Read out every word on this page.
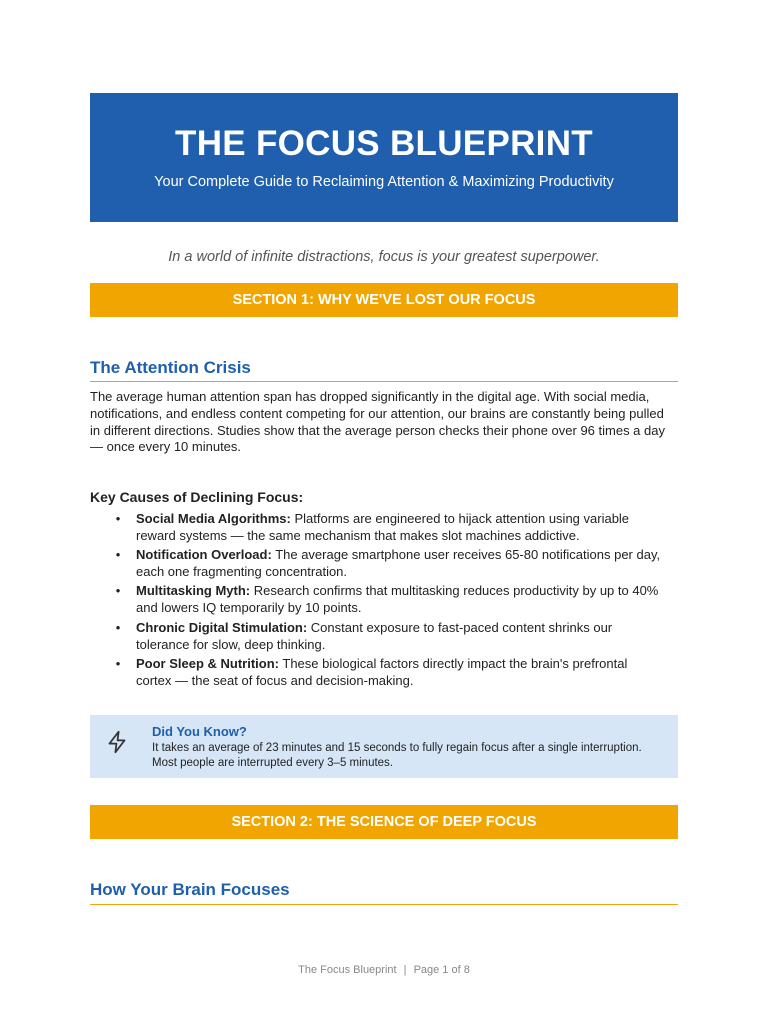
THE FOCUS BLUEPRINT
Your Complete Guide to Reclaiming Attention & Maximizing Productivity
In a world of infinite distractions, focus is your greatest superpower.
SECTION 1: WHY WE'VE LOST OUR FOCUS
The Attention Crisis
The average human attention span has dropped significantly in the digital age. With social media, notifications, and endless content competing for our attention, our brains are constantly being pulled in different directions. Studies show that the average person checks their phone over 96 times a day — once every 10 minutes.
Key Causes of Declining Focus:
• Social Media Algorithms: Platforms are engineered to hijack attention using variable reward systems — the same mechanism that makes slot machines addictive.
• Notification Overload: The average smartphone user receives 65-80 notifications per day, each one fragmenting concentration.
• Multitasking Myth: Research confirms that multitasking reduces productivity by up to 40% and lowers IQ temporarily by 10 points.
• Chronic Digital Stimulation: Constant exposure to fast-paced content shrinks our tolerance for slow, deep thinking.
• Poor Sleep & Nutrition: These biological factors directly impact the brain's prefrontal cortex — the seat of focus and decision-making.
Did You Know?
It takes an average of 23 minutes and 15 seconds to fully regain focus after a single interruption. Most people are interrupted every 3–5 minutes.
SECTION 2: THE SCIENCE OF DEEP FOCUS
How Your Brain Focuses
The Focus Blueprint | Page 1 of 8
